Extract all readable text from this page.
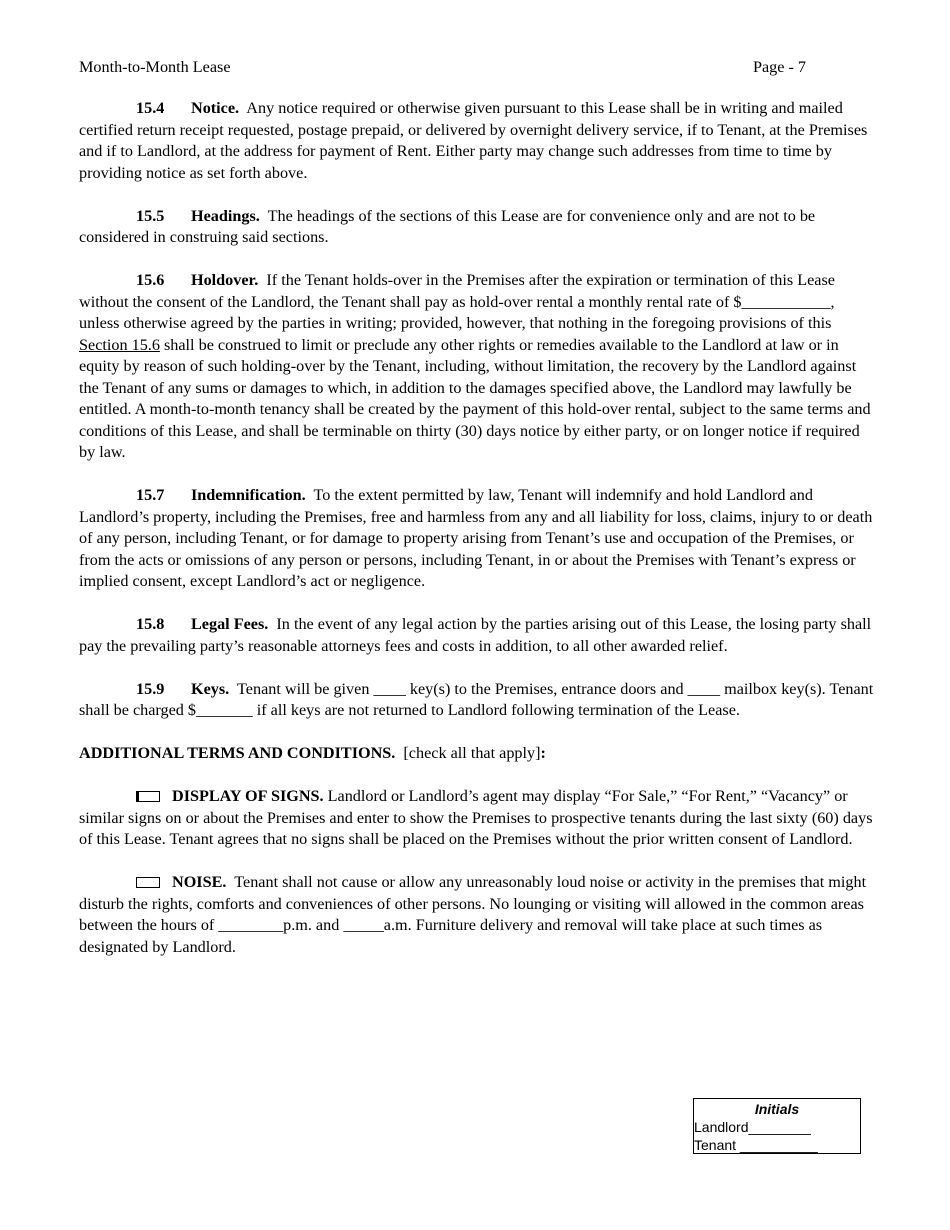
Month-to-Month Lease	Page - 7

15.4 Notice. Any notice required or otherwise given pursuant to this Lease shall be in writing and mailed certified return receipt requested, postage prepaid, or delivered by overnight delivery service, if to Tenant, at the Premises and if to Landlord, at the address for payment of Rent. Either party may change such addresses from time to time by providing notice as set forth above.

15.5 Headings. The headings of the sections of this Lease are for convenience only and are not to be considered in construing said sections.

15.6 Holdover. If the Tenant holds-over in the Premises after the expiration or termination of this Lease without the consent of the Landlord, the Tenant shall pay as hold-over rental a monthly rental rate of $___________, unless otherwise agreed by the parties in writing; provided, however, that nothing in the foregoing provisions of this Section 15.6 shall be construed to limit or preclude any other rights or remedies available to the Landlord at law or in equity by reason of such holding-over by the Tenant, including, without limitation, the recovery by the Landlord against the Tenant of any sums or damages to which, in addition to the damages specified above, the Landlord may lawfully be entitled. A month-to-month tenancy shall be created by the payment of this hold-over rental, subject to the same terms and conditions of this Lease, and shall be terminable on thirty (30) days notice by either party, or on longer notice if required by law.

15.7 Indemnification. To the extent permitted by law, Tenant will indemnify and hold Landlord and Landlord’s property, including the Premises, free and harmless from any and all liability for loss, claims, injury to or death of any person, including Tenant, or for damage to property arising from Tenant’s use and occupation of the Premises, or from the acts or omissions of any person or persons, including Tenant, in or about the Premises with Tenant’s express or implied consent, except Landlord’s act or negligence.

15.8 Legal Fees. In the event of any legal action by the parties arising out of this Lease, the losing party shall pay the prevailing party’s reasonable attorneys fees and costs in addition, to all other awarded relief.

15.9 Keys. Tenant will be given ____ key(s) to the Premises, entrance doors and ____ mailbox key(s). Tenant shall be charged $_______ if all keys are not returned to Landlord following termination of the Lease.

ADDITIONAL TERMS AND CONDITIONS. [check all that apply]:

DISPLAY OF SIGNS. Landlord or Landlord’s agent may display “For Sale,” “For Rent,” “Vacancy” or similar signs on or about the Premises and enter to show the Premises to prospective tenants during the last sixty (60) days of this Lease. Tenant agrees that no signs shall be placed on the Premises without the prior written consent of Landlord.

NOISE. Tenant shall not cause or allow any unreasonably loud noise or activity in the premises that might disturb the rights, comforts and conveniences of other persons. No lounging or visiting will allowed in the common areas between the hours of ________p.m. and _____a.m. Furniture delivery and removal will take place at such times as designated by Landlord.

Initials
Landlord________
Tenant __________
